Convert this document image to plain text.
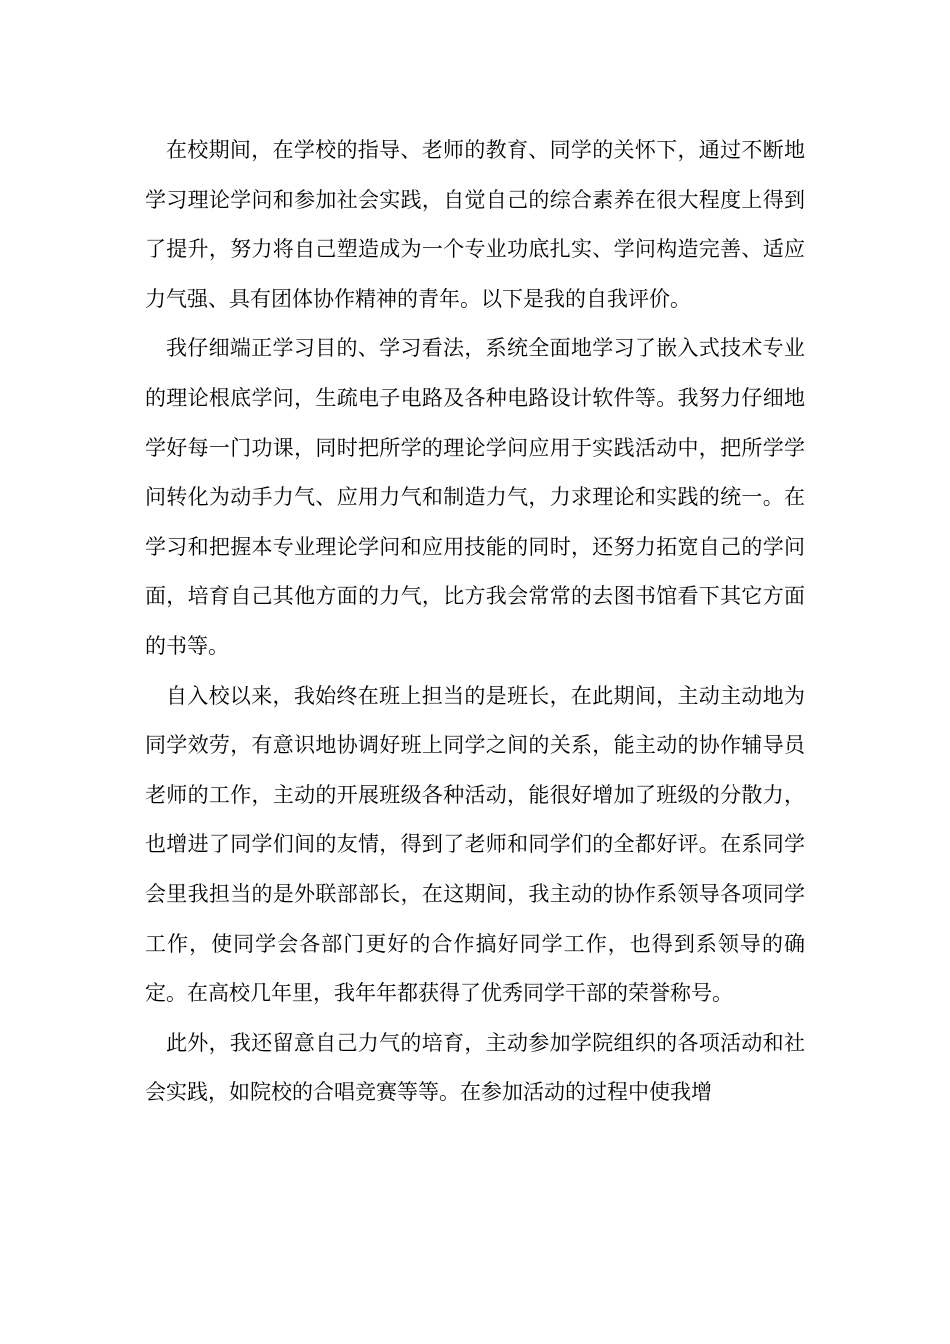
在校期间，在学校的指导、老师的教育、同学的关怀下，通过不断地学习理论学问和参加社会实践，自觉自己的综合素养在很大程度上得到了提升，努力将自己塑造成为一个专业功底扎实、学问构造完善、适应力气强、具有团体协作精神的青年。以下是我的自我评价。

我仔细端正学习目的、学习看法，系统全面地学习了嵌入式技术专业的理论根底学问，生疏电子电路及各种电路设计软件等。我努力仔细地学好每一门功课，同时把所学的理论学问应用于实践活动中，把所学学问转化为动手力气、应用力气和制造力气，力求理论和实践的统一。在学习和把握本专业理论学问和应用技能的同时，还努力拓宽自己的学问面，培育自己其他方面的力气，比方我会常常的去图书馆看下其它方面的书等。

自入校以来，我始终在班上担当的是班长，在此期间，主动主动地为同学效劳，有意识地协调好班上同学之间的关系，能主动的协作辅导员老师的工作，主动的开展班级各种活动，能很好增加了班级的分散力，也增进了同学们间的友情，得到了老师和同学们的全都好评。在系同学会里我担当的是外联部部长，在这期间，我主动的协作系领导各项同学工作，使同学会各部门更好的合作搞好同学工作，也得到系领导的确定。在高校几年里，我年年都获得了优秀同学干部的荣誉称号。

此外，我还留意自己力气的培育，主动参加学院组织的各项活动和社会实践，如院校的合唱竞赛等等。在参加活动的过程中使我增
